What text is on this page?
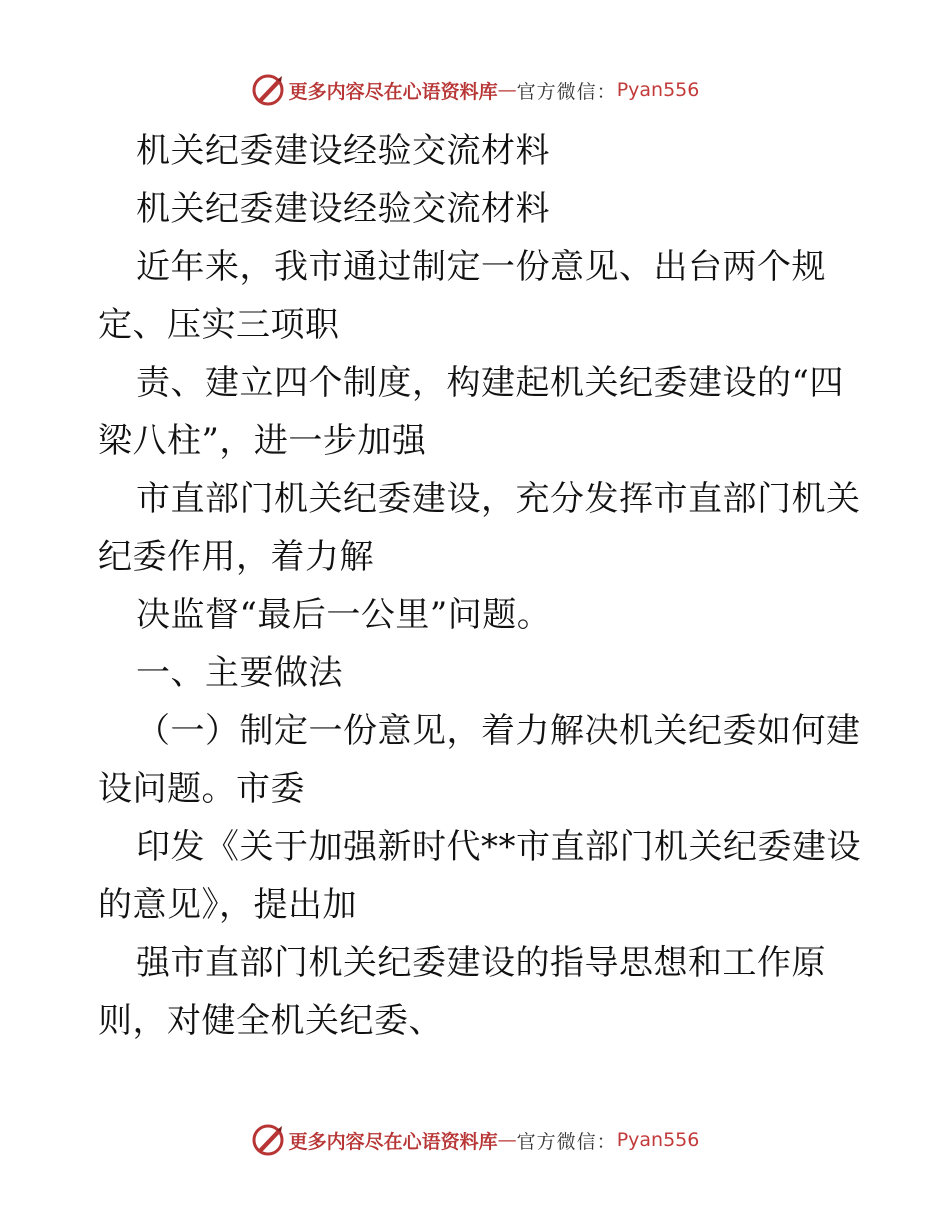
更多内容尽在心语资料库 — 官方微信： Pyan556
机关纪委建设经验交流材料
机关纪委建设经验交流材料
近年来，我市通过制定一份意见、出台两个规
定、压实三项职
责、建立四个制度，构建起机关纪委建设的“四
梁八柱”，进一步加强
市直部门机关纪委建设，充分发挥市直部门机关
纪委作用，着力解
决监督“最后一公里”问题。
一、主要做法
（一）制定一份意见，着力解决机关纪委如何建
设问题。市委
印发《关于加强新时代**市直部门机关纪委建设
的意见》，提出加
强市直部门机关纪委建设的指导思想和工作原
则，对健全机关纪委、
更多内容尽在心语资料库 — 官方微信： Pyan556
